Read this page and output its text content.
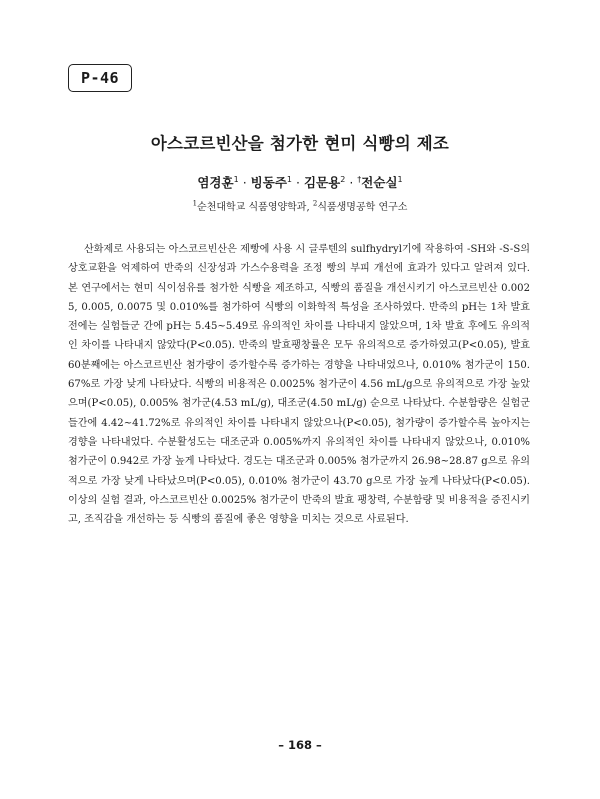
P-46
아스코르빈산을 첨가한 현미 식빵의 제조
염경훈$^1$ · 빙동주$^1$ · 김문용$^2$ · †전순실$^1$
$^1$순천대학교 식품영양학과, $^2$식품생명공학 연구소

산화제로 사용되는 아스코르빈산은 제빵에 사용 시 글루텐의 sulfhydryl기에 작용하여 -SH와 -S-S의 상호교환을 억제하여 반죽의 신장성과 가스수용력을 조정 빵의 부피 개선에 효과가 있다고 알려져 있다. 본 연구에서는 현미 식이섬유를 첨가한 식빵을 제조하고, 식빵의 품질을 개선시키기 아스코르빈산 0.0025, 0.005, 0.0075 및 0.010%를 첨가하여 식빵의 이화학적 특성을 조사하였다. 반죽의 pH는 1차 발효 전에는 실험들군 간에 pH는 5.45~5.49로 유의적인 차이를 나타내지 않았으며, 1차 발효 후에도 유의적인 차이를 나타내지 않았다(P<0.05). 반죽의 발효팽창률은 모두 유의적으로 증가하였고(P<0.05), 발효 60분째에는 아스코르빈산 첨가량이 증가할수록 증가하는 경향을 나타내었으나, 0.010% 첨가군이 150.67%로 가장 낮게 나타났다. 식빵의 비용적은 0.0025% 첨가군이 4.56 mL/g으로 유의적으로 가장 높았으며(P<0.05), 0.005% 첨가군(4.53 mL/g), 대조군(4.50 mL/g) 순으로 나타났다. 수분함량은 실험군들간에 4.42~41.72%로 유의적인 차이를 나타내지 않았으나(P<0.05), 첨가량이 증가할수록 높아지는 경향을 나타내었다. 수분활성도는 대조군과 0.005%까지 유의적인 차이를 나타내지 않았으나, 0.010% 첨가군이 0.942로 가장 높게 나타났다. 경도는 대조군과 0.005% 첨가군까지 26.98~28.87 g으로 유의적으로 가장 낮게 나타났으며(P<0.05), 0.010% 첨가군이 43.70 g으로 가장 높게 나타났다(P<0.05). 이상의 실험 결과, 아스코르빈산 0.0025% 첨가군이 반죽의 발효 팽창력, 수분함량 및 비용적을 증진시키고, 조직감을 개선하는 등 식빵의 품질에 좋은 영향을 미치는 것으로 사료된다.

– 168 –
